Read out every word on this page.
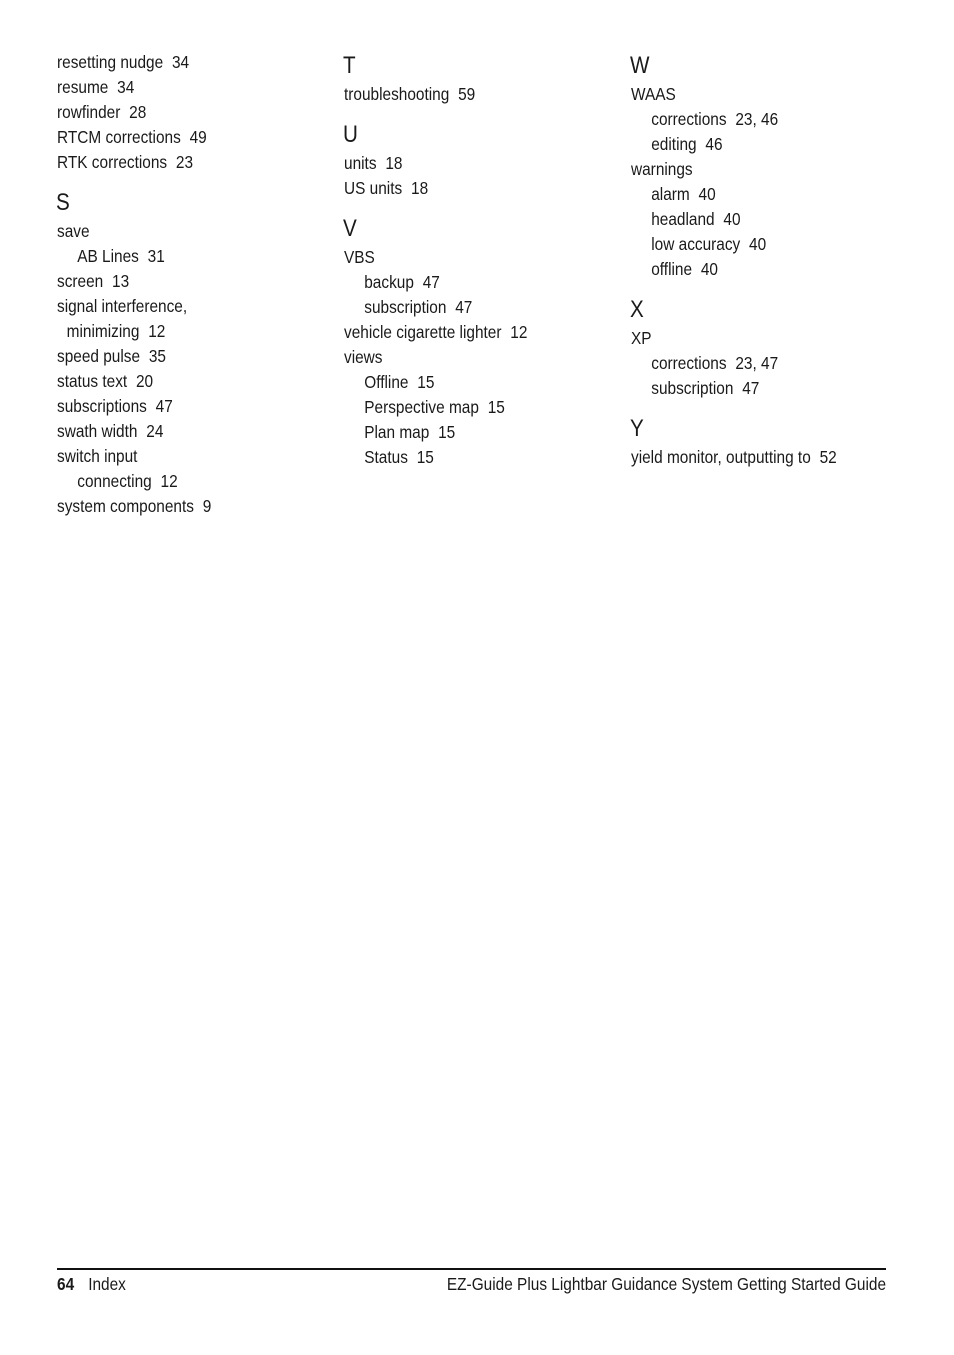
resetting nudge 34
resume 34
rowfinder 28
RTCM corrections 49
RTK corrections 23
S
save
AB Lines 31
screen 13
signal interference,
minimizing 12
speed pulse 35
status text 20
subscriptions 47
swath width 24
switch input
connecting 12
system components 9
T
troubleshooting 59
U
units 18
US units 18
V
VBS
backup 47
subscription 47
vehicle cigarette lighter 12
views
Offline 15
Perspective map 15
Plan map 15
Status 15
W
WAAS
corrections 23, 46
editing 46
warnings
alarm 40
headland 40
low accuracy 40
offline 40
X
XP
corrections 23, 47
subscription 47
Y
yield monitor, outputting to 52
64 Index	EZ-Guide Plus Lightbar Guidance System Getting Started Guide
